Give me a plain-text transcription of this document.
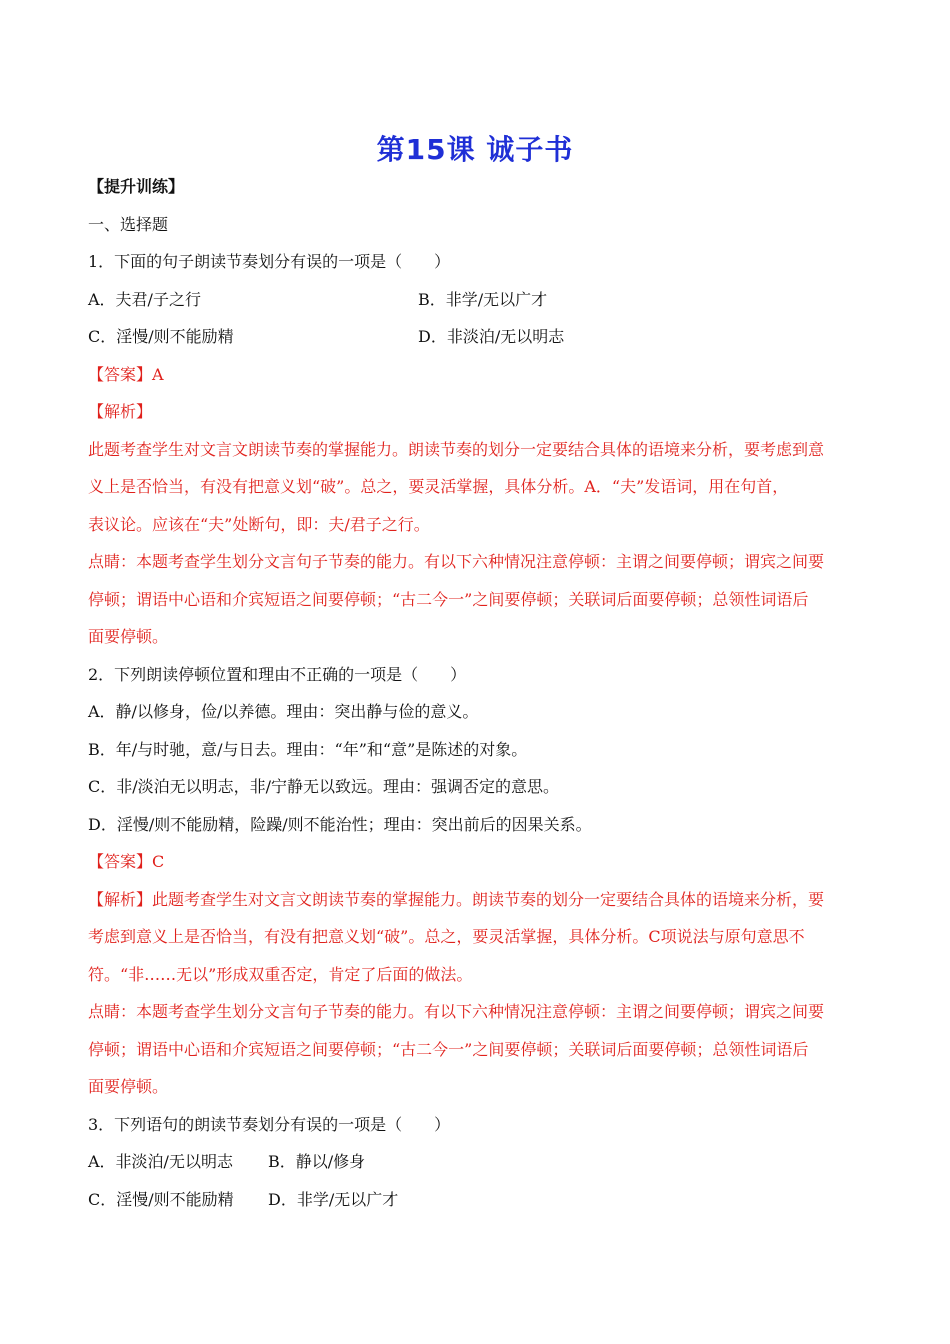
第15课 诚子书
【提升训练】
一、选择题
1．下面的句子朗读节奏划分有误的一项是（　　）
A．夫君/子之行	B．非学/无以广才
C．淫慢/则不能励精	D．非淡泊/无以明志
【答案】A
【解析】
此题考查学生对文言文朗读节奏的掌握能力。朗读节奏的划分一定要结合具体的语境来分析，要考虑到意
义上是否恰当，有没有把意义划“破”。总之，要灵活掌握，具体分析。A．“夫”发语词，用在句首，
表议论。应该在“夫”处断句，即：夫/君子之行。
点睛：本题考查学生划分文言句子节奏的能力。有以下六种情况注意停顿：主谓之间要停顿；谓宾之间要
停顿；谓语中心语和介宾短语之间要停顿；“古二今一”之间要停顿；关联词后面要停顿；总领性词语后
面要停顿。
2．下列朗读停顿位置和理由不正确的一项是（　　）
A．静/以修身，俭/以养德。理由：突出静与俭的意义。
B．年/与时驰，意/与日去。理由：“年”和“意”是陈述的对象。
C．非/淡泊无以明志，非/宁静无以致远。理由：强调否定的意思。
D．淫慢/则不能励精，险躁/则不能治性；理由：突出前后的因果关系。
【答案】C
【解析】此题考查学生对文言文朗读节奏的掌握能力。朗读节奏的划分一定要结合具体的语境来分析，要
考虑到意义上是否恰当，有没有把意义划“破”。总之，要灵活掌握，具体分析。C项说法与原句意思不
符。“非……无以”形成双重否定，肯定了后面的做法。
点睛：本题考查学生划分文言句子节奏的能力。有以下六种情况注意停顿：主谓之间要停顿；谓宾之间要
停顿；谓语中心语和介宾短语之间要停顿；“古二今一”之间要停顿；关联词后面要停顿；总领性词语后
面要停顿。
3．下列语句的朗读节奏划分有误的一项是（　　）
A．非淡泊/无以明志	B．静以/修身
C．淫慢/则不能励精	D．非学/无以广才
